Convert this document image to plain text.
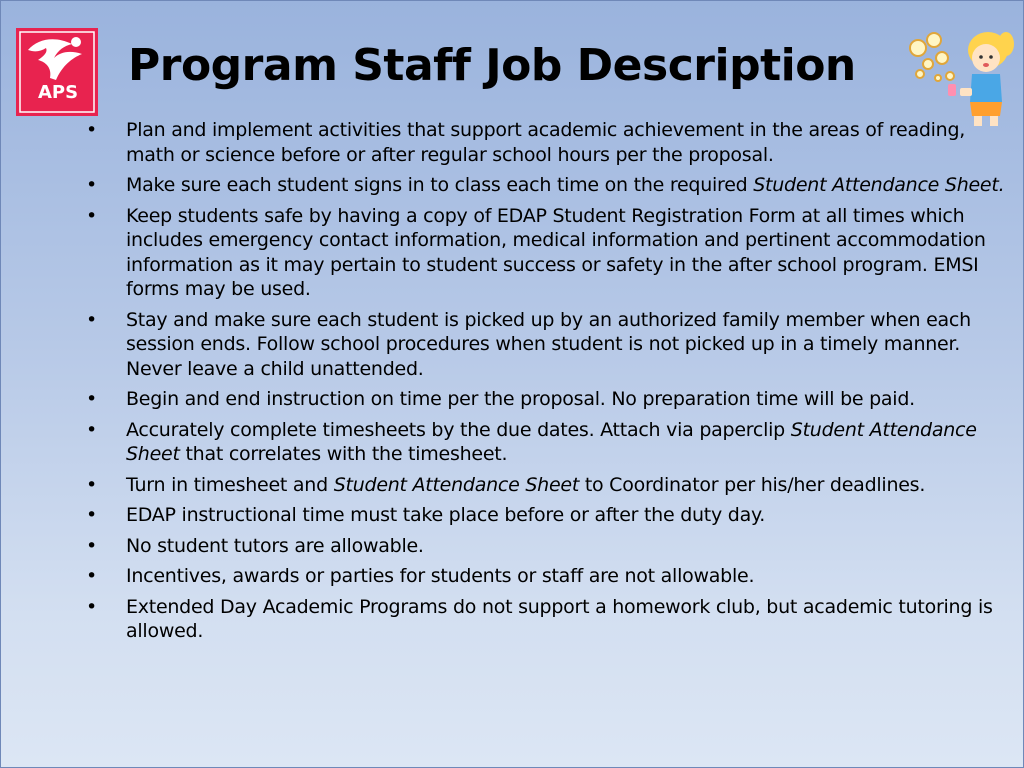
APS
Program Staff Job Description
• Plan and implement activities that support academic achievement in the areas of reading, math or science before or after regular school hours per the proposal.
• Make sure each student signs in to class each time on the required Student Attendance Sheet.
• Keep students safe by having a copy of EDAP Student Registration Form at all times which includes emergency contact information, medical information and pertinent accommodation information as it may pertain to student success or safety in the after school program. EMSI forms may be used.
• Stay and make sure each student is picked up by an authorized family member when each session ends. Follow school procedures when student is not picked up in a timely manner. Never leave a child unattended.
• Begin and end instruction on time per the proposal. No preparation time will be paid.
• Accurately complete timesheets by the due dates. Attach via paperclip Student Attendance Sheet that correlates with the timesheet.
• Turn in timesheet and Student Attendance Sheet to Coordinator per his/her deadlines.
• EDAP instructional time must take place before or after the duty day.
• No student tutors are allowable.
• Incentives, awards or parties for students or staff are not allowable.
• Extended Day Academic Programs do not support a homework club, but academic tutoring is allowed.
